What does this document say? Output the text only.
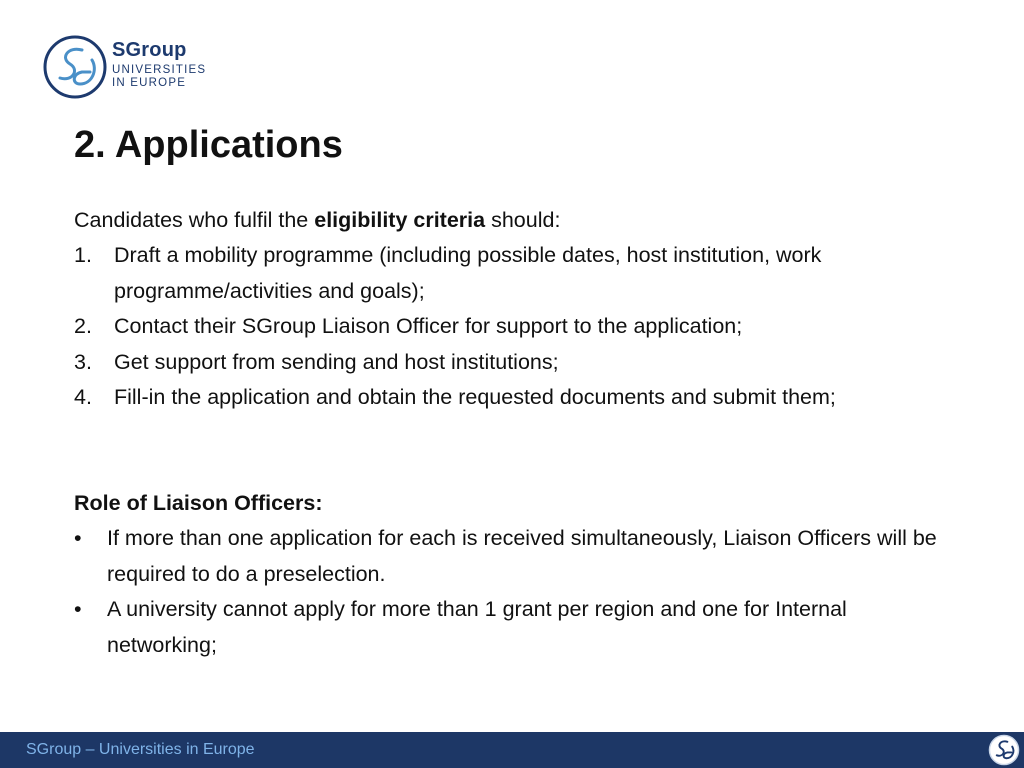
SGroup
UNIVERSITIES
IN EUROPE
2. Applications
Candidates who fulfil the eligibility criteria should:
1. Draft a mobility programme (including possible dates, host institution, work programme/activities and goals);
2. Contact their SGroup Liaison Officer for support to the application;
3. Get support from sending and host institutions;
4. Fill-in the application and obtain the requested documents and submit them;
Role of Liaison Officers:
• If more than one application for each is received simultaneously, Liaison Officers will be required to do a preselection.
• A university cannot apply for more than 1 grant per region and one for Internal networking;
SGroup – Universities in Europe
